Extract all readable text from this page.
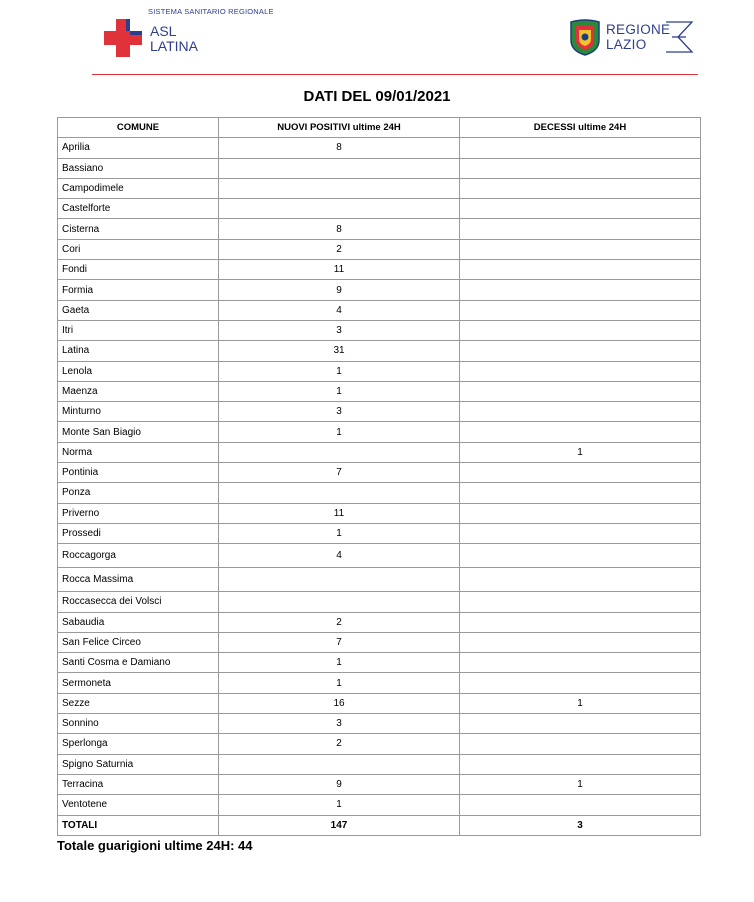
SISTEMA SANITARIO REGIONALE
ASL
LATINA
REGIONE
LAZIO
DATI DEL 09/01/2021
COMUNE	NUOVI POSITIVI ultime 24H	DECESSI ultime 24H
Aprilia	8	
Bassiano		
Campodimele		
Castelforte		
Cisterna	8	
Cori	2	
Fondi	11	
Formia	9	
Gaeta	4	
Itri	3	
Latina	31	
Lenola	1	
Maenza	1	
Minturno	3	
Monte San Biagio	1	
Norma		1
Pontinia	7	
Ponza		
Priverno	11	
Prossedi	1	
Roccagorga	4	
Rocca Massima		
Roccasecca dei Volsci		
Sabaudia	2	
San Felice Circeo	7	
Santi Cosma e Damiano	1	
Sermoneta	1	
Sezze	16	1
Sonnino	3	
Sperlonga	2	
Spigno Saturnia		
Terracina	9	1
Ventotene	1	
TOTALI	147	3
Totale guarigioni ultime 24H: 44
